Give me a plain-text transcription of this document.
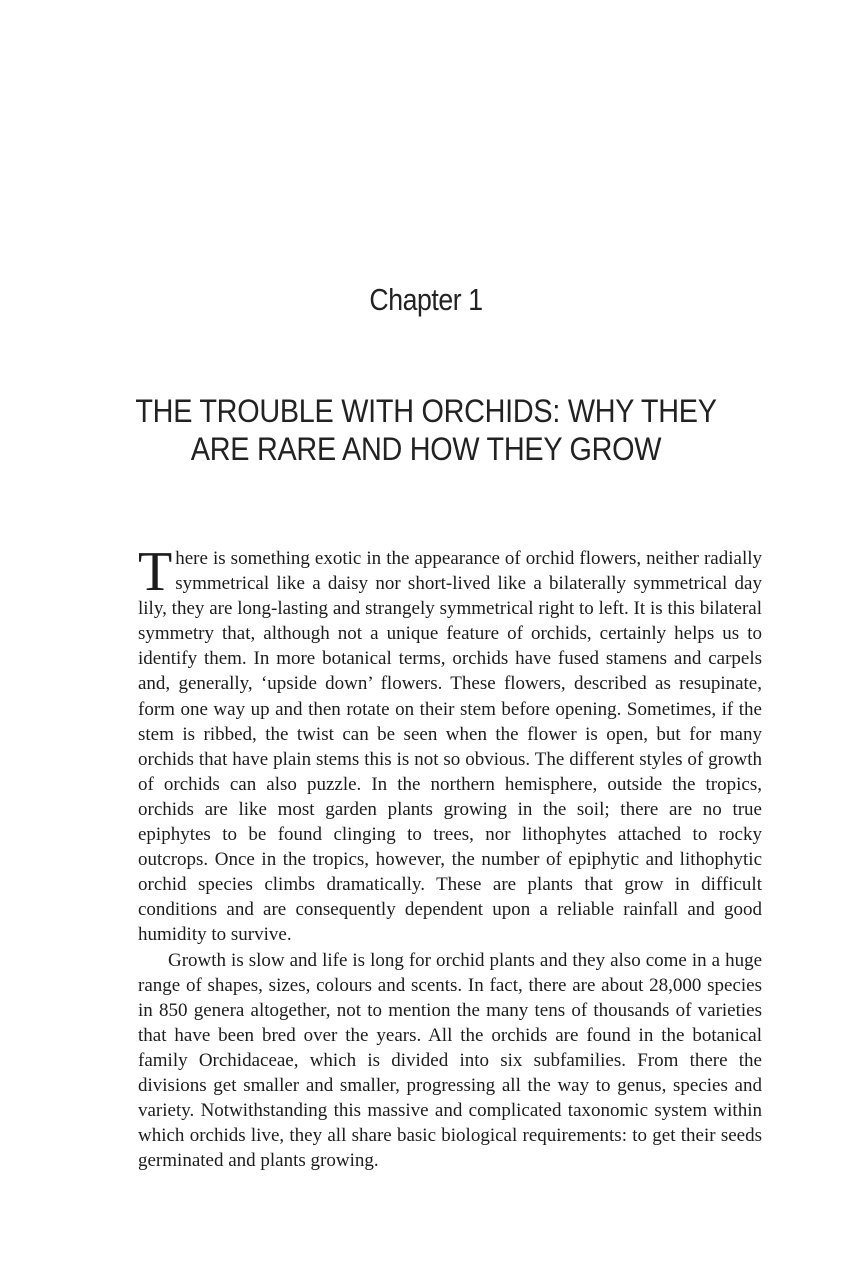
Chapter 1
THE TROUBLE WITH ORCHIDS: WHY THEY
ARE RARE AND HOW THEY GROW

There is something exotic in the appearance of orchid flowers, neither radially symmetrical like a daisy nor short-lived like a bilaterally symmetrical day lily, they are long-lasting and strangely symmetrical right to left. It is this bilateral symmetry that, although not a unique feature of orchids, certainly helps us to identify them. In more botanical terms, orchids have fused stamens and carpels and, generally, ‘upside down’ flowers. These flowers, described as resupinate, form one way up and then rotate on their stem before opening. Sometimes, if the stem is ribbed, the twist can be seen when the flower is open, but for many orchids that have plain stems this is not so obvious. The different styles of growth of orchids can also puzzle. In the northern hemisphere, outside the tropics, orchids are like most garden plants growing in the soil; there are no true epiphytes to be found clinging to trees, nor lithophytes attached to rocky outcrops. Once in the tropics, however, the number of epiphytic and lithophytic orchid species climbs dramatically. These are plants that grow in difficult conditions and are consequently dependent upon a reliable rainfall and good humidity to survive.

Growth is slow and life is long for orchid plants and they also come in a huge range of shapes, sizes, colours and scents. In fact, there are about 28,000 species in 850 genera altogether, not to mention the many tens of thousands of varieties that have been bred over the years. All the orchids are found in the botanical family Orchidaceae, which is divided into six subfamilies. From there the divisions get smaller and smaller, progressing all the way to genus, species and variety. Notwithstanding this massive and complicated taxonomic system within which orchids live, they all share basic biological requirements: to get their seeds germinated and plants growing.
